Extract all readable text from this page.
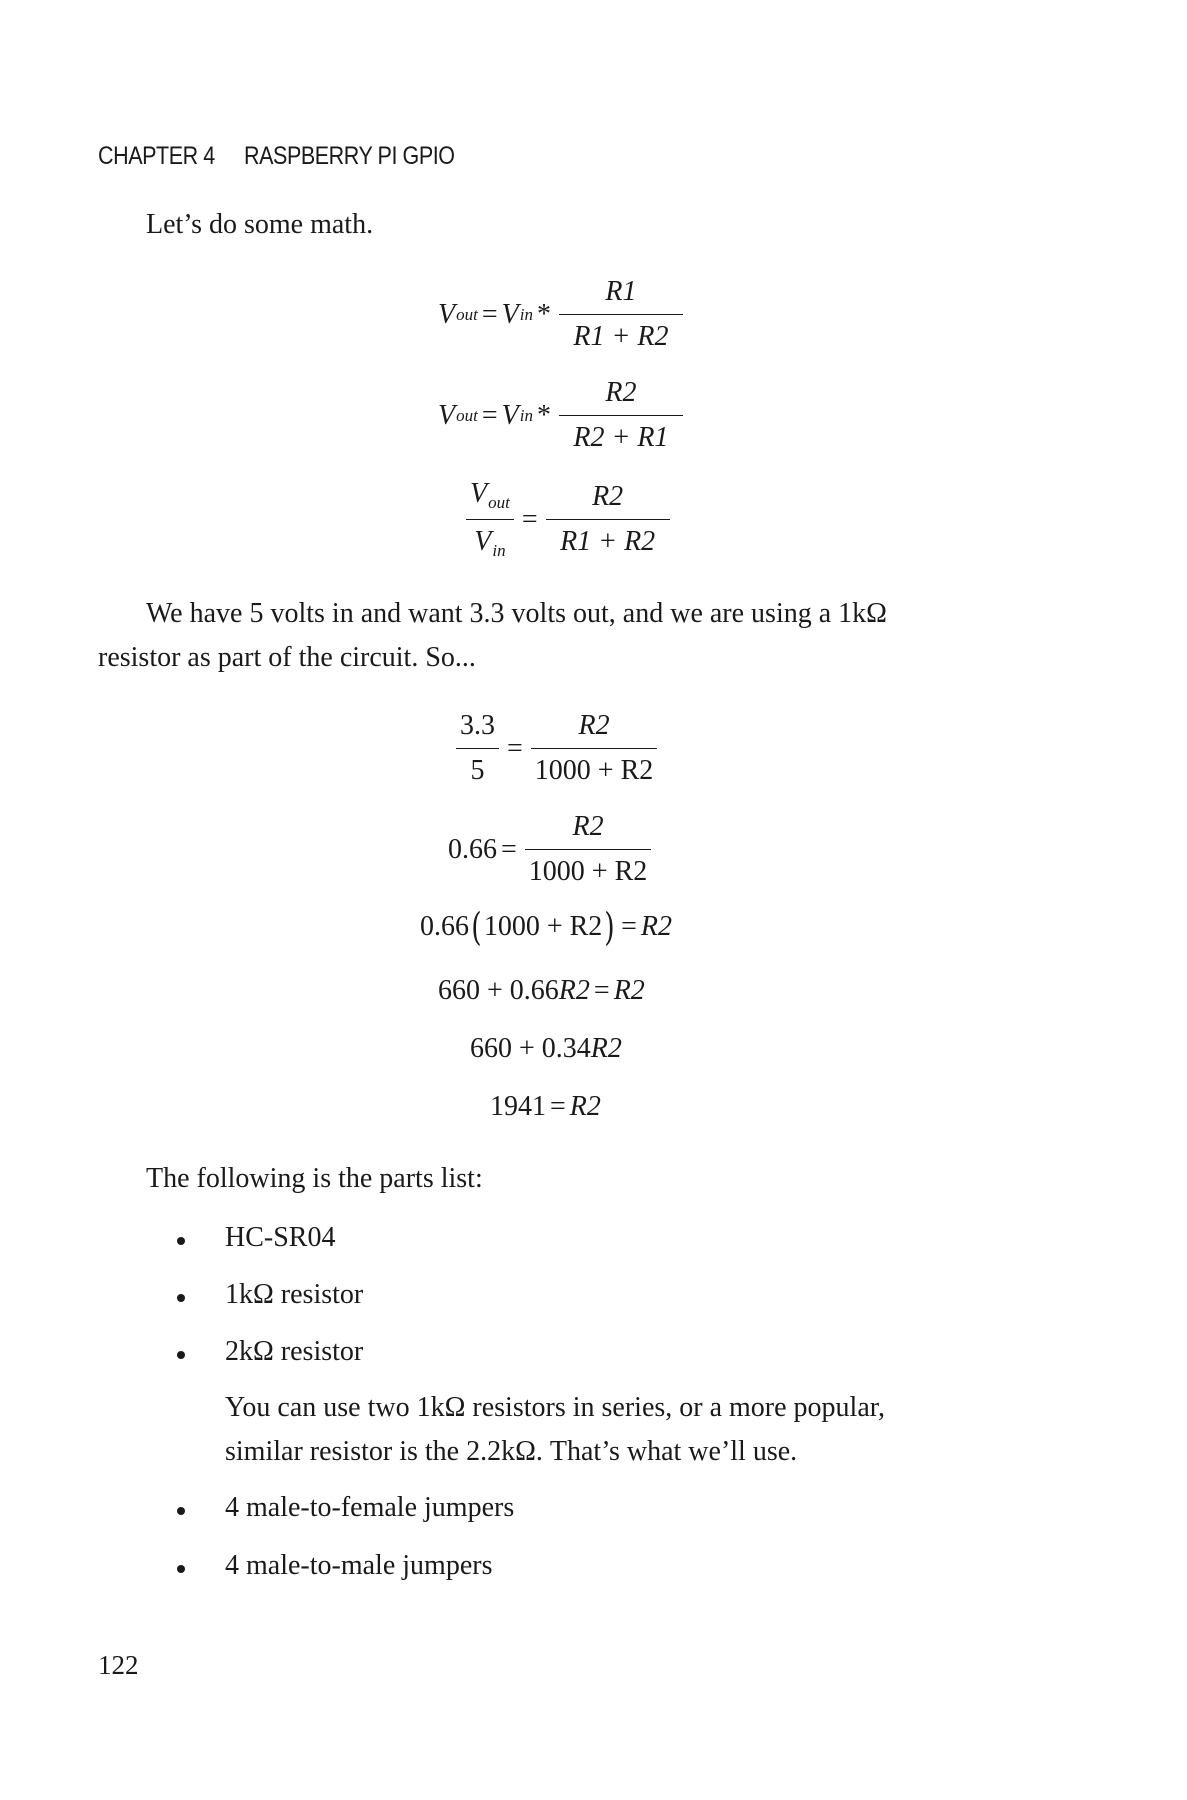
CHAPTER 4 RASPBERRY PI GPIO
Let’s do some math.
V out = V in * $\frac{R1}{R1 + R2}$
V out = V in * $\frac{R2}{R2 + R1}$
$\frac{V_{out}}{V_{in}} = \frac{R2}{R1 + R2}$
We have 5 volts in and want 3.3 volts out, and we are using a 1kΩ
resistor as part of the circuit. So...
$\frac{3.3}{5} = \frac{R2}{1000 + R2}$
$0.66 = \frac{R2}{1000 + R2}$
0.66 ( 1000 + R2 ) = R2
660 + 0.66 R2 = R2
660 + 0.34 R2
1941 = R2
The following is the parts list:
HC-SR04
1kΩ resistor
2kΩ resistor
You can use two 1kΩ resistors in series, or a more popular,
similar resistor is the 2.2kΩ. That’s what we’ll use.
4 male-to-female jumpers
4 male-to-male jumpers
122
